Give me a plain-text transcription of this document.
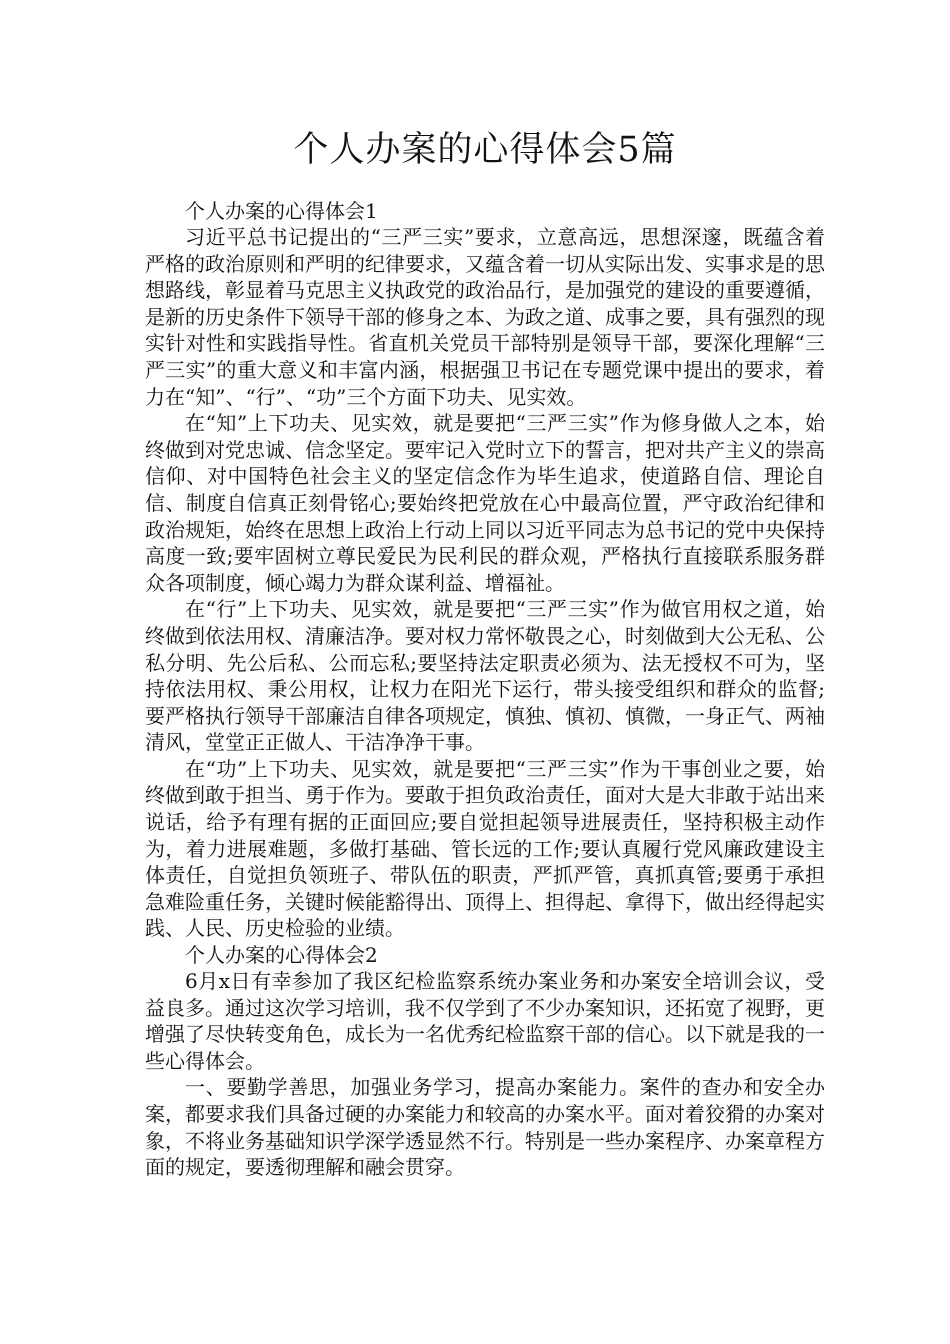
个人办案的心得体会5篇

个人办案的心得体会1

习近平总书记提出的“三严三实”要求，立意高远，思想深邃，既蕴含着严格的政治原则和严明的纪律要求，又蕴含着一切从实际出发、实事求是的思想路线，彰显着马克思主义执政党的政治品行，是加强党的建设的重要遵循，是新的历史条件下领导干部的修身之本、为政之道、成事之要，具有强烈的现实针对性和实践指导性。省直机关党员干部特别是领导干部，要深化理解“三严三实”的重大意义和丰富内涵，根据强卫书记在专题党课中提出的要求，着力在“知”、“行”、“功”三个方面下功夫、见实效。

在“知”上下功夫、见实效，就是要把“三严三实”作为修身做人之本，始终做到对党忠诚、信念坚定。要牢记入党时立下的誓言，把对共产主义的崇高信仰、对中国特色社会主义的坚定信念作为毕生追求，使道路自信、理论自信、制度自信真正刻骨铭心;要始终把党放在心中最高位置，严守政治纪律和政治规矩，始终在思想上政治上行动上同以习近平同志为总书记的党中央保持高度一致;要牢固树立尊民爱民为民利民的群众观，严格执行直接联系服务群众各项制度，倾心竭力为群众谋利益、增福祉。

在“行”上下功夫、见实效，就是要把“三严三实”作为做官用权之道，始终做到依法用权、清廉洁净。要对权力常怀敬畏之心，时刻做到大公无私、公私分明、先公后私、公而忘私;要坚持法定职责必须为、法无授权不可为，坚持依法用权、秉公用权，让权力在阳光下运行，带头接受组织和群众的监督;要严格执行领导干部廉洁自律各项规定，慎独、慎初、慎微，一身正气、两袖清风，堂堂正正做人、干洁净净干事。

在“功”上下功夫、见实效，就是要把“三严三实”作为干事创业之要，始终做到敢于担当、勇于作为。要敢于担负政治责任，面对大是大非敢于站出来说话，给予有理有据的正面回应;要自觉担起领导进展责任，坚持积极主动作为，着力进展难题，多做打基础、管长远的工作;要认真履行党风廉政建设主体责任，自觉担负领班子、带队伍的职责，严抓严管，真抓真管;要勇于承担急难险重任务，关键时候能豁得出、顶得上、担得起、拿得下，做出经得起实践、人民、历史检验的业绩。

个人办案的心得体会2

6月x日有幸参加了我区纪检监察系统办案业务和办案安全培训会议，受益良多。通过这次学习培训，我不仅学到了不少办案知识，还拓宽了视野，更增强了尽快转变角色，成长为一名优秀纪检监察干部的信心。以下就是我的一些心得体会。

一、要勤学善思，加强业务学习，提高办案能力。案件的查办和安全办案，都要求我们具备过硬的办案能力和较高的办案水平。面对着狡猾的办案对象，不将业务基础知识学深学透显然不行。特别是一些办案程序、办案章程方面的规定，要透彻理解和融会贯穿。
